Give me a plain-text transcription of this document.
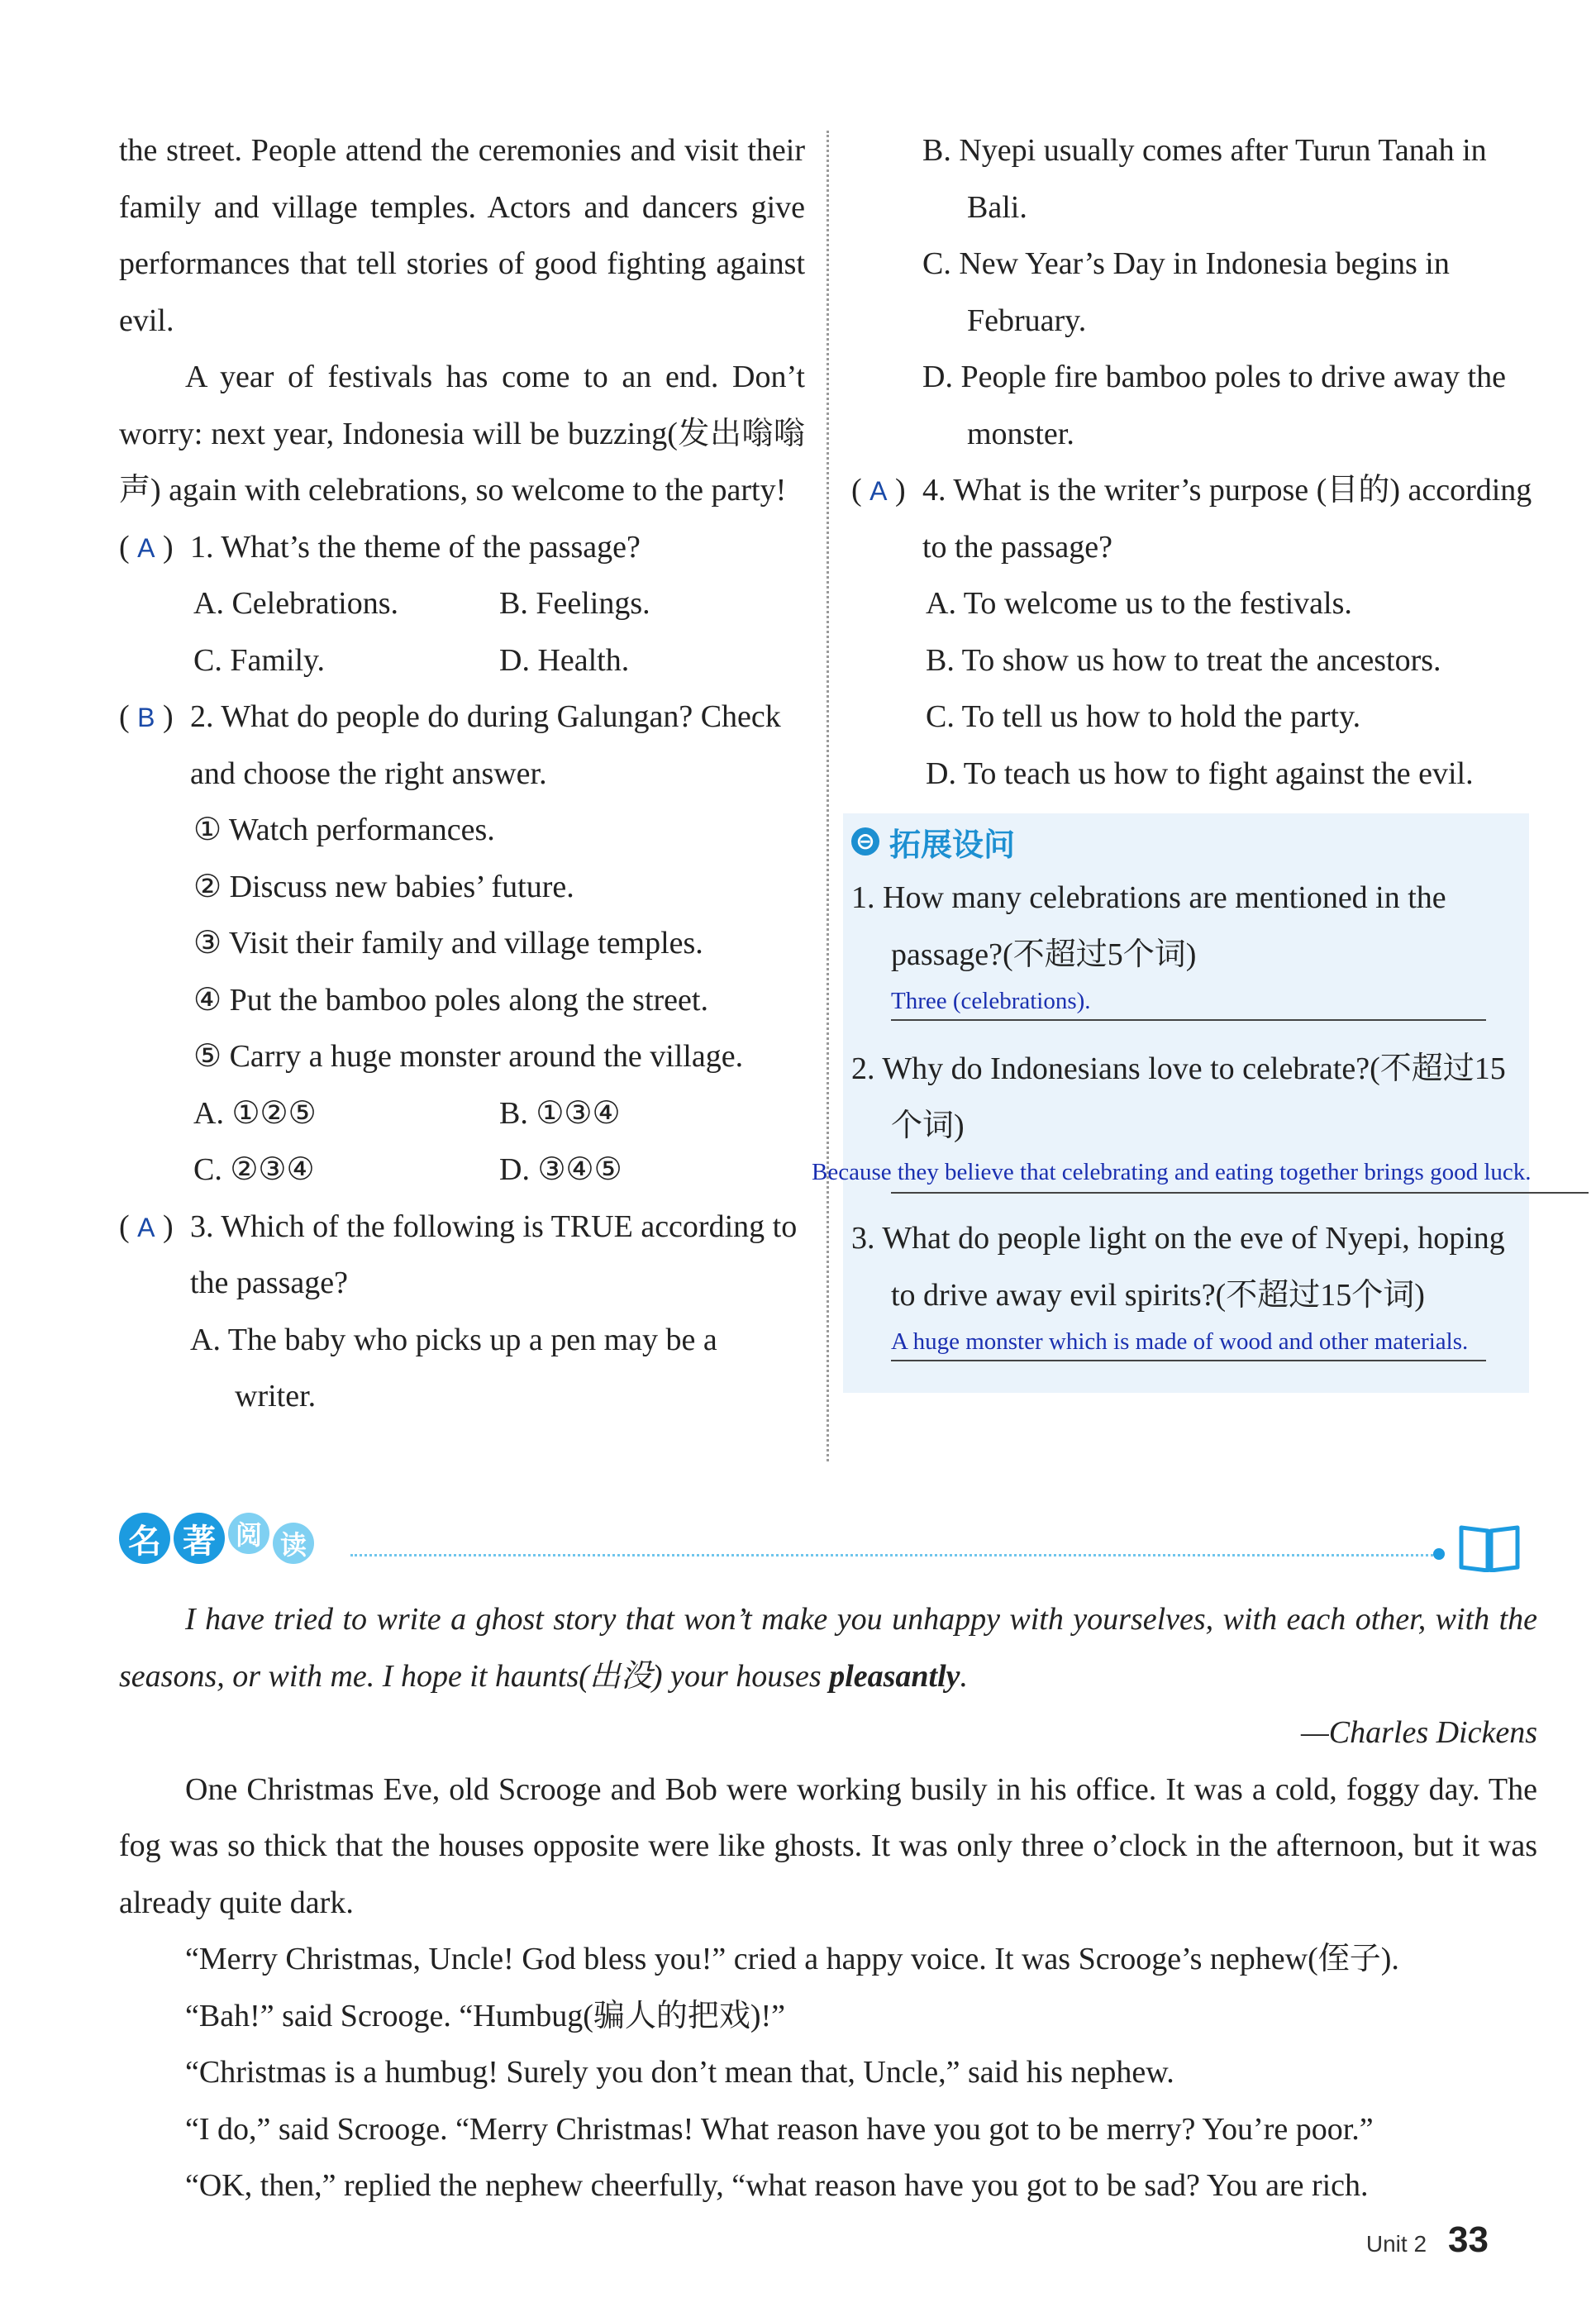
the street. People attend the ceremonies and visit their family and village temples. Actors and dancers give performances that tell stories of good fighting against evil.

A year of festivals has come to an end. Don’t worry: next year, Indonesia will be buzzing(发出嗡嗡声) again with celebrations, so welcome to the party!

( A ) 1. What’s the theme of the passage?
A. Celebrations.	B. Feelings.
C. Family.	D. Health.
( B ) 2. What do people do during Galungan? Check and choose the right answer.

① Watch performances.

② Discuss new babies’ future.

③ Visit their family and village temples.

④ Put the bamboo poles along the street.

⑤ Carry a huge monster around the village.

A. ①②⑤	B. ①③④
C. ②③④	D. ③④⑤
( A ) 3. Which of the following is TRUE according to the passage?

A. The baby who picks up a pen may be a writer.

B. Nyepi usually comes after Turun Tanah in Bali.

C. New Year’s Day in Indonesia begins in February.

D. People fire bamboo poles to drive away the monster.

( A ) 4. What is the writer’s purpose (目的) according to the passage?

A. To welcome us to the festivals.

B. To show us how to treat the ancestors.

C. To tell us how to hold the party.

D. To teach us how to fight against the evil.

⊖ 拓展设问

1. How many celebrations are mentioned in the passage?(不超过5个词)

Three (celebrations).

2. Why do Indonesians love to celebrate?(不超过15个词)

Because they believe that celebrating and eating together brings good luck.

3. What do people light on the eve of Nyepi, hoping to drive away evil spirits?(不超过15个词)

A huge monster which is made of wood and other materials.

名 著 阅 读

I have tried to write a ghost story that won’t make you unhappy with yourselves, with each other, with the seasons, or with me. I hope it haunts(出没) your houses pleasantly.

—Charles Dickens

One Christmas Eve, old Scrooge and Bob were working busily in his office. It was a cold, foggy day. The fog was so thick that the houses opposite were like ghosts. It was only three o’clock in the afternoon, but it was already quite dark.

“Merry Christmas, Uncle! God bless you!” cried a happy voice. It was Scrooge’s nephew(侄子).

“Bah!” said Scrooge. “Humbug(骗人的把戏)!”

“Christmas is a humbug! Surely you don’t mean that, Uncle,” said his nephew.

“I do,” said Scrooge. “Merry Christmas! What reason have you got to be merry? You’re poor.”

“OK, then,” replied the nephew cheerfully, “what reason have you got to be sad? You are rich.

Unit 2 33
